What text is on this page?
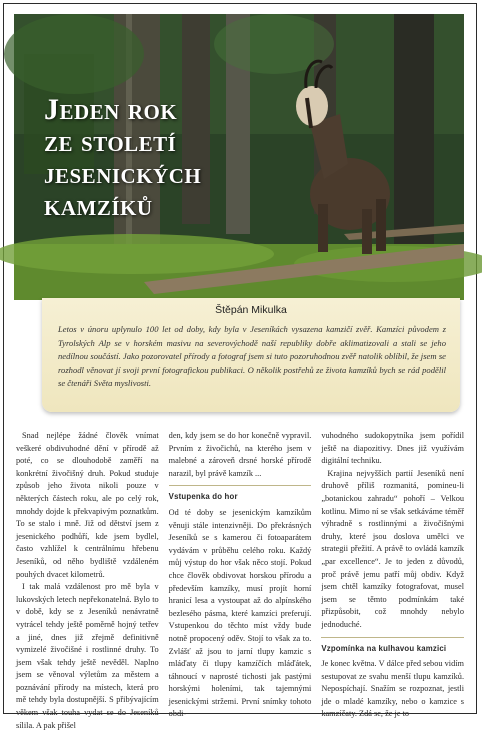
Jeden rok
ze století
jesenických
kamzíků
Štěpán Mikulka

Letos v únoru uplynulo 100 let od doby, kdy byla v Jeseníkách vysazena kamzičí zvěř. Kamzíci původem z Tyrolských Alp se v horském masivu na severovýchodě naší republiky dobře aklimatizovali a stali se jeho nedílnou součástí. Jako pozorovatel přírody a fotograf jsem si tuto pozoruhodnou zvěř natolik oblíbil, že jsem se rozhodl věnovat jí svoji první fotografickou publikaci. O několik postřehů ze života kamzíků bych se rád podělil se čtenáři Světa myslivosti.

Snad nejlépe žádné člověk vnímat veškeré obdivuhodné dění v přírodě až poté, co se dlouhodobě zaměří na konkrétní živočišný druh. Pokud studuje způsob jeho života nikoli pouze v některých částech roku, ale po celý rok, mnohdy dojde k překvapivým poznatkům. To se stalo i mně. Již od dětství jsem z jesenického podhůří, kde jsem bydlel, často vzhlížel k centrálnímu hřebenu Jeseníků, od něho bydliště vzdáleném pouhých dvacet kilometrů.

I tak malá vzdálenost pro mě byla v lukovských letech nepřekonatelná. Bylo to v době, kdy se z Jeseníků nenávratně vytrácel tehdy ještě poměrně hojný tetřev a jiné, dnes již zřejmě definitivně vymizelé živočišné i rostlinné druhy. To jsem však tehdy ještě nevěděl. Naplno jsem se věnoval výletům za městem a poznávání přírody na místech, která pro mě tehdy byla dostupnější. S přibývajícím věkem však touha vydat se do Jeseníků sílila. A pak přišel

den, kdy jsem se do hor konečně vypravil. Prvním z živočichů, na kterého jsem v malebné a zároveň drsné horské přírodě narazil, byl právě kamzík ...

Vstupenka do hor

Od té doby se jesenickým kamzíkům věnuji stále intenzivněji. Do překrásných Jeseníků se s kamerou či fotoaparátem vydávám v průběhu celého roku. Každý můj výstup do hor však něco stojí. Pokud chce člověk obdivovat horskou přírodu a především kamzíky, musí projít horní hranicí lesa a vystoupat až do alpínského bezlesého pásma, které kamzíci preferují. Vstupenkou do těchto míst vždy bude notně propocený oděv. Stojí to však za to. Zvlášť až jsou to jarní tlupy kamzic s mláďaty či tlupy kamzíčích mláďátek, táhnoucí v naprosté tichosti jak pastými horskými holeními, tak tajemnými jesenickými stržemi. První snímky tohoto obdi-

vuhodného sudokopytníka jsem pořídil ještě na diapozitivy. Dnes již využívám digitální techniku.

Krajina nejvyšších partií Jeseníků není druhově příliš rozmanitá, pomineu-li „botanickou zahradu“ pohoří – Velkou kotlinu. Mimo ní se však setkáváme téměř výhradně s rostlinnými a živočišnými druhy, které jsou doslova umělci ve strategii přežití. A právě to ovládá kamzík „par excellence“. Je to jeden z důvodů, proč právě jemu patří můj obdiv. Když jsem chtěl kamzíky fotografovat, musel jsem se těmto podmínkám také přizpůsobit, což mnohdy nebylo jednoduché.

Vzpomínka na kulhavou kamzici

Je konec května. V dálce před sebou vidím sestupovat ze svahu menší tlupu kamzíků. Nepospíchají. Snažím se rozpoznat, jestli jde o mladé kamzíky, nebo o kamzice s kamzíčaty. Zdá se, že je to
